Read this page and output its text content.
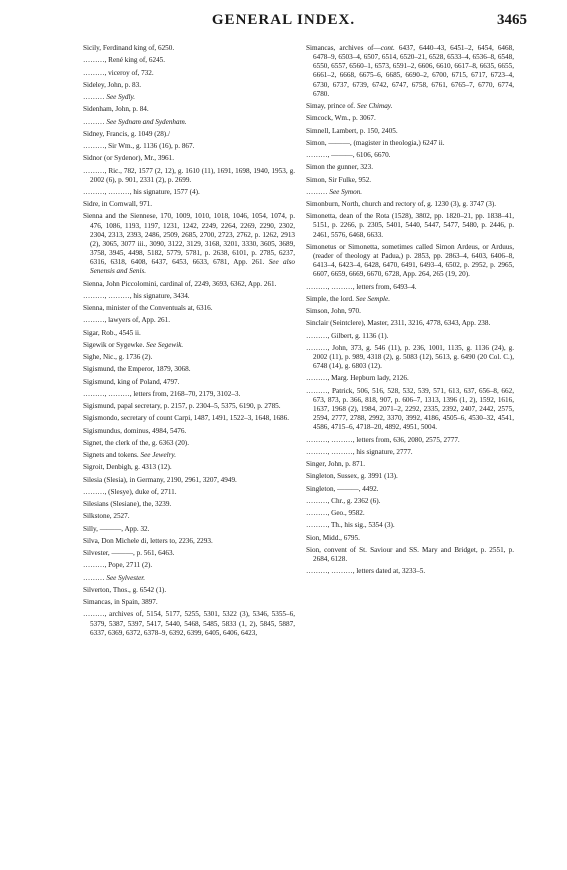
GENERAL INDEX.	3465

Sicily, Ferdinand king of, 6250.

………, René king of, 6245.

………, viceroy of, 732.

Sideley, John, p. 83.

……… See Sydly.

Sidenham, John, p. 84.

……… See Sydnam and Sydenham.

Sidney, Francis, g. 1049 (28)./

………, Sir Wm., g. 1136 (16), p. 867.

Sidnor (or Sydenor), Mr., 3961.

………, Ric., 782, 1577 (2, 12), g. 1610 (11), 1691, 1698, 1940, 1953, g. 2002 (6), p. 901, 2331 (2), p. 2699.

………, ………, his signature, 1577 (4).

Sidre, in Cornwall, 971.

Sienna and the Siennese, 170, 1009, 1010, 1018, 1046, 1054, 1074, p. 476, 1086, 1193, 1197, 1231, 1242, 2249, 2264, 2269, 2290, 2302, 2304, 2313, 2393, 2486, 2509, 2685, 2700, 2723, 2762, p. 1262, 2913 (2), 3065, 3077 iii., 3090, 3122, 3129, 3168, 3201, 3330, 3605, 3689, 3758, 3945, 4498, 5182, 5779, 5781, p. 2638, 6101, p. 2785, 6237, 6316, 6318, 6408, 6437, 6453, 6633, 6781, App. 261. See also Senensis and Senis.

Sienna, John Piccolomini, cardinal of, 2249, 3693, 6362, App. 261.

………, ………, his signature, 3434.

Sienna, minister of the Conventuals at, 6316.

………, lawyers of, App. 261.

Sigar, Rob., 4545 ii.

Sigewik or Sygewke. See Segewik.

Sighe, Nic., g. 1736 (2).

Sigismund, the Emperor, 1879, 3068.

Sigismund, king of Poland, 4797.

………, ………, letters from, 2168–70, 2179, 3102–3.

Sigismund, papal secretary, p. 2157, p. 2304–5, 5375, 6190, p. 2785.

Sigismondo, secretary of count Carpi, 1487, 1491, 1522–3, 1648, 1686.

Sigismundus, dominus, 4984, 5476.

Signet, the clerk of the, g. 6363 (20).

Signets and tokens. See Jewelry.

Sigroit, Denbigh, g. 4313 (12).

Silesia (Slesia), in Germany, 2190, 2961, 3207, 4949.

………, (Slesye), duke of, 2711.

Silesians (Slesiane), the, 3239.

Silkstone, 2527.

Silly, ———, App. 32.

Silva, Don Michele di, letters to, 2236, 2293.

Silvester, ———, p. 561, 6463.

………, Pope, 2711 (2).

……… See Sylvester.

Silverton, Thos., g. 6542 (1).

Simancas, in Spain, 3897.

………, archives of, 5154, 5177, 5255, 5301, 5322 (3), 5346, 5355–6, 5379, 5387, 5397, 5417, 5440, 5468, 5485, 5833 (1, 2), 5845, 5887, 6337, 6369, 6372, 6378–9, 6392, 6399, 6405, 6406, 6423,

Simancas, archives of—cont. 6437, 6440–43, 6451–2, 6454, 6468, 6478–9, 6503–4, 6507, 6514, 6520–21, 6528, 6533–4, 6536–8, 6548, 6550, 6557, 6560–1, 6573, 6591–2, 6606, 6610, 6617–8, 6635, 6655, 6661–2, 6668, 6675–6, 6685, 6690–2, 6700, 6715, 6717, 6723–4, 6730, 6737, 6739, 6742, 6747, 6758, 6761, 6765–7, 6770, 6774, 6780.

Simay, prince of. See Chimay.

Simcock, Wm., p. 3067.

Simnell, Lambert, p. 150, 2405.

Simon, ———, (magister in theologia,) 6247 ii.

………, ———, 6106, 6670.

Simon the gunner, 323.

Simon, Sir Fulke, 952.

……… See Symon.

Simonburn, North, church and rectory of, g. 1230 (3), g. 3747 (3).

Simonetta, dean of the Rota (1528), 3802, pp. 1820–21, pp. 1838–41, 5151, p. 2266, p. 2305, 5401, 5440, 5447, 5477, 5480, p. 2446, p. 2461, 5576, 6468, 6633.

Simonetus or Simonetta, sometimes called Simon Ardeus, or Arduus, (reader of theology at Padua,) p. 2853, pp. 2863–4, 6403, 6406–8, 6413–4, 6423–4, 6428, 6470, 6491, 6493–4, 6502, p. 2952, p. 2965, 6607, 6659, 6669, 6670, 6728, App. 264, 265 (19, 20).

………, ………, letters from, 6493–4.

Simple, the lord. See Semple.

Simson, John, 970.

Sinclair (Seintclere), Master, 2311, 3216, 4778, 6343, App. 238.

………, Gilbert, g. 1136 (1).

………, John, 373, g. 546 (11), p. 236, 1001, 1135, g. 1136 (24), g. 2002 (11), p. 989, 4318 (2), g. 5083 (12), 5613, g. 6490 (20 Col. C.), 6748 (14), g. 6803 (12).

………, Marg. Hepburn lady, 2126.

………, Patrick, 506, 516, 528, 532, 539, 571, 613, 637, 656–8, 662, 673, 873, p. 366, 818, 907, p. 606–7, 1313, 1396 (1, 2), 1592, 1616, 1637, 1968 (2), 1984, 2071–2, 2292, 2335, 2392, 2407, 2442, 2575, 2594, 2777, 2788, 2992, 3370, 3992, 4186, 4505–6, 4530–32, 4541, 4586, 4715–6, 4718–20, 4892, 4951, 5004.

………, ………, letters from, 636, 2080, 2575, 2777.

………, ………, his signature, 2777.

Singer, John, p. 871.

Singleton, Sussex, g. 3991 (13).

Singleton, ———, 4492.

………, Chr., g. 2362 (6).

………, Geo., 9582.

………, Th., his sig., 5354 (3).

Sion, Midd., 6795.

Sion, convent of St. Saviour and SS. Mary and Bridget, p. 2551, p. 2684, 6128.

………, ………, letters dated at, 3233–5.
